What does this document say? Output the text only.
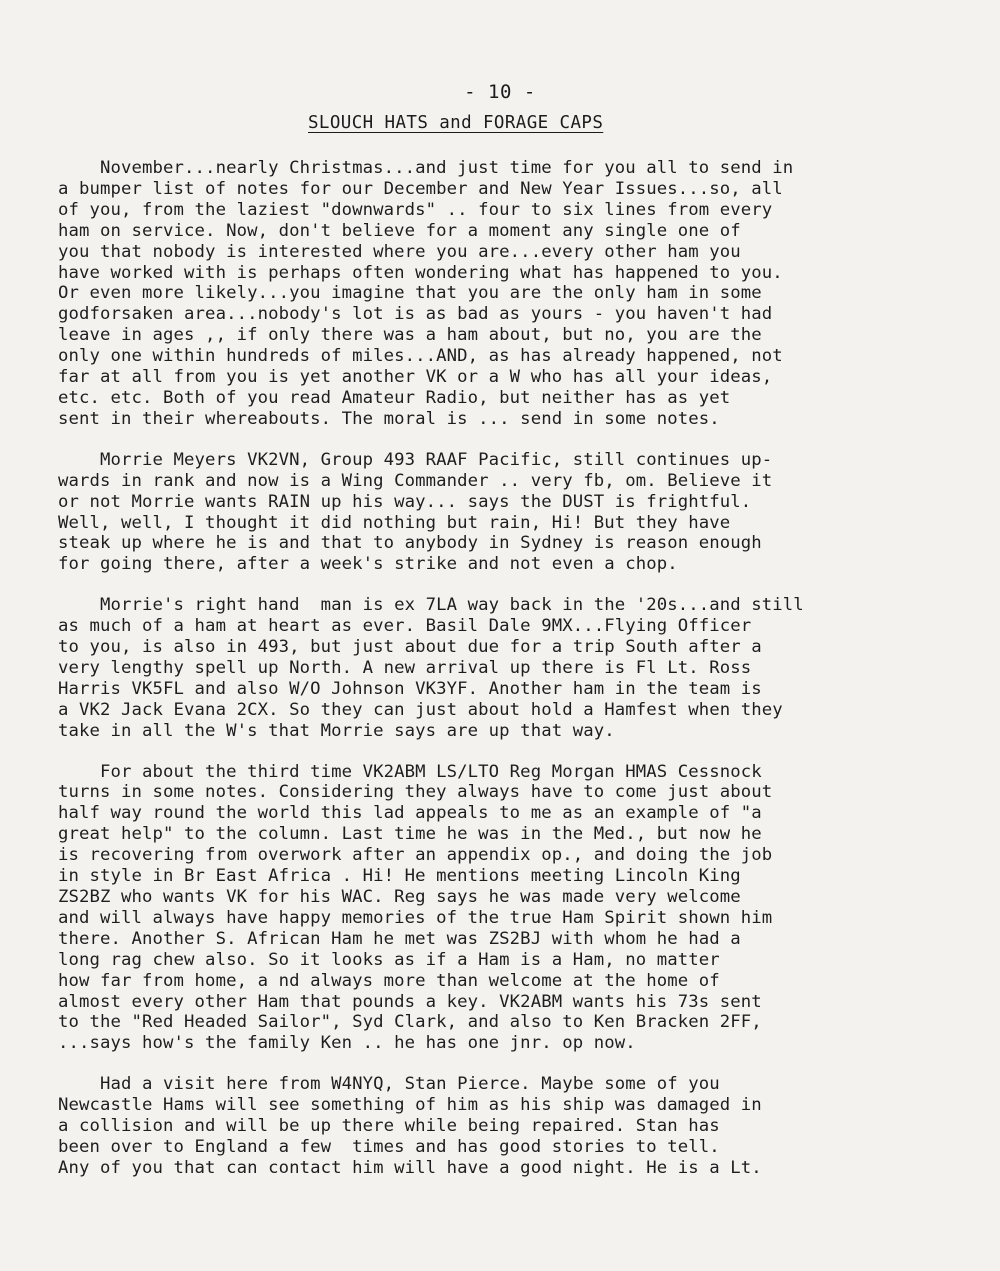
- 10 -
SLOUCH HATS and FORAGE CAPS
November...nearly Christmas...and just time for you all to send in
a bumper list of notes for our December and New Year Issues...so, all
of you, from the laziest "downwards" .. four to six lines from every
ham on service. Now, don't believe for a moment any single one of
you that nobody is interested where you are...every other ham you
have worked with is perhaps often wondering what has happened to you.
Or even more likely...you imagine that you are the only ham in some
godforsaken area...nobody's lot is as bad as yours - you haven't had
leave in ages ,, if only there was a ham about, but no, you are the
only one within hundreds of miles...AND, as has already happened, not
far at all from you is yet another VK or a W who has all your ideas,
etc. etc. Both of you read Amateur Radio, but neither has as yet
sent in their whereabouts. The moral is ... send in some notes.
Morrie Meyers VK2VN, Group 493 RAAF Pacific, still continues up-
wards in rank and now is a Wing Commander .. very fb, om. Believe it
or not Morrie wants RAIN up his way... says the DUST is frightful.
Well, well, I thought it did nothing but rain, Hi! But they have
steak up where he is and that to anybody in Sydney is reason enough
for going there, after a week's strike and not even a chop.
Morrie's right hand  man is ex 7LA way back in the '20s...and still
as much of a ham at heart as ever. Basil Dale 9MX...Flying Officer
to you, is also in 493, but just about due for a trip South after a
very lengthy spell up North. A new arrival up there is Fl Lt. Ross
Harris VK5FL and also W/O Johnson VK3YF. Another ham in the team is
a VK2 Jack Evana 2CX. So they can just about hold a Hamfest when they
take in all the W's that Morrie says are up that way.
For about the third time VK2ABM LS/LTO Reg Morgan HMAS Cessnock
turns in some notes. Considering they always have to come just about
half way round the world this lad appeals to me as an example of "a
great help" to the column. Last time he was in the Med., but now he
is recovering from overwork after an appendix op., and doing the job
in style in Br East Africa . Hi! He mentions meeting Lincoln King
ZS2BZ who wants VK for his WAC. Reg says he was made very welcome
and will always have happy memories of the true Ham Spirit shown him
there. Another S. African Ham he met was ZS2BJ with whom he had a
long rag chew also. So it looks as if a Ham is a Ham, no matter
how far from home, a nd always more than welcome at the home of
almost every other Ham that pounds a key. VK2ABM wants his 73s sent
to the "Red Headed Sailor", Syd Clark, and also to Ken Bracken 2FF,
...says how's the family Ken .. he has one jnr. op now.
Had a visit here from W4NYQ, Stan Pierce. Maybe some of you
Newcastle Hams will see something of him as his ship was damaged in
a collision and will be up there while being repaired. Stan has
been over to England a few  times and has good stories to tell.
Any of you that can contact him will have a good night. He is a Lt.
